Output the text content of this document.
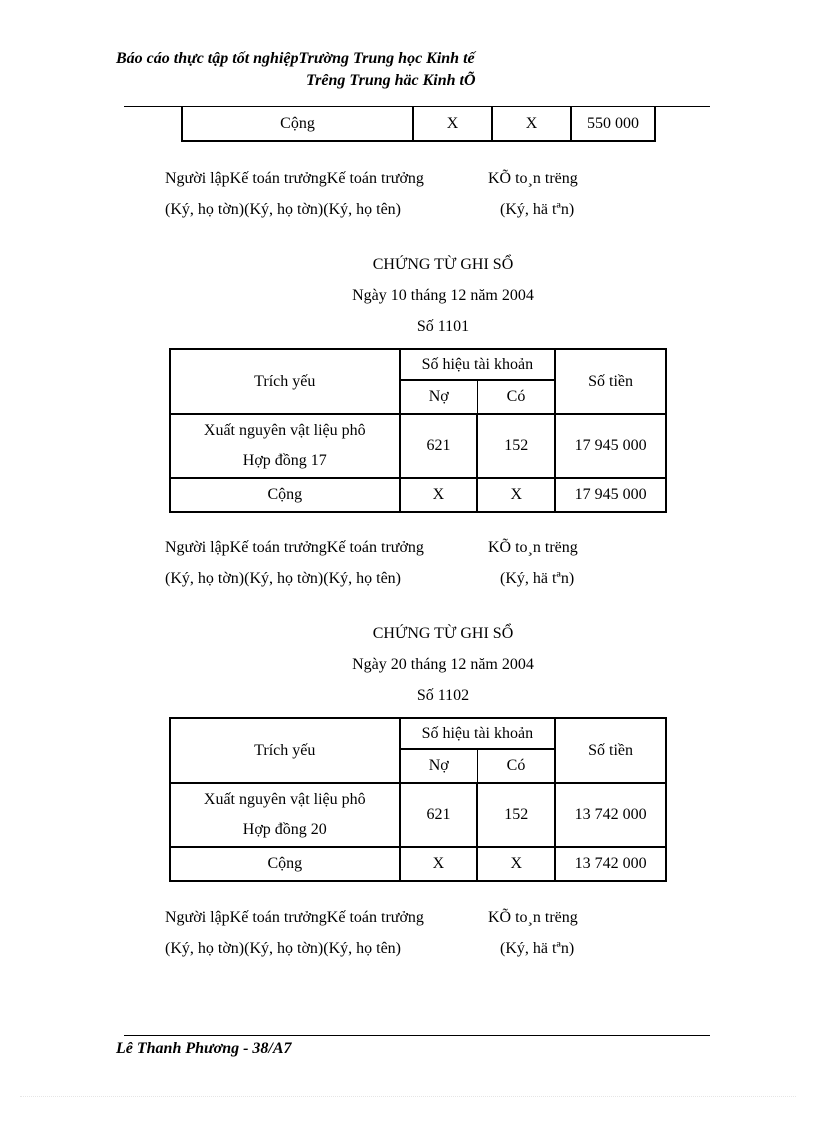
Báo cáo thực tập tốt nghiệpTrường Trung học Kinh tế
Trêng Trung häc Kinh tÕ
Cộng	X	X	550 000
Người lậpKế toán trưởngKế toán trưởng	KÕ to¸n trëng
(Ký, họ tờn)(Ký, họ tờn)(Ký, họ tên)	(Ký, hä tªn)
CHỨNG TỪ GHI SỔ
Ngày 10 tháng 12 năm 2004
Số 1101
Trích yếu	Số hiệu tài khoản		Số tiền
	Nợ	Có	

Xuất nguyên vật liệu phô
Hợp đồng 17	621	152	17 945 000
Cộng	X	X	17 945 000
Người lậpKế toán trưởngKế toán trưởng	KÕ to¸n trëng
(Ký, họ tờn)(Ký, họ tờn)(Ký, họ tên)	(Ký, hä tªn)
CHỨNG TỪ GHI SỔ
Ngày 20 tháng 12 năm 2004
Số 1102
Trích yếu	Số hiệu tài khoản		Số tiền
	Nợ	Có	

Xuất nguyên vật liệu phô
Hợp đồng 20	621	152	13 742 000
Cộng	X	X	13 742 000
Người lậpKế toán trưởngKế toán trưởng	KÕ to¸n trëng
(Ký, họ tờn)(Ký, họ tờn)(Ký, họ tên)	(Ký, hä tªn)
Lê Thanh Phương - 38/A7
